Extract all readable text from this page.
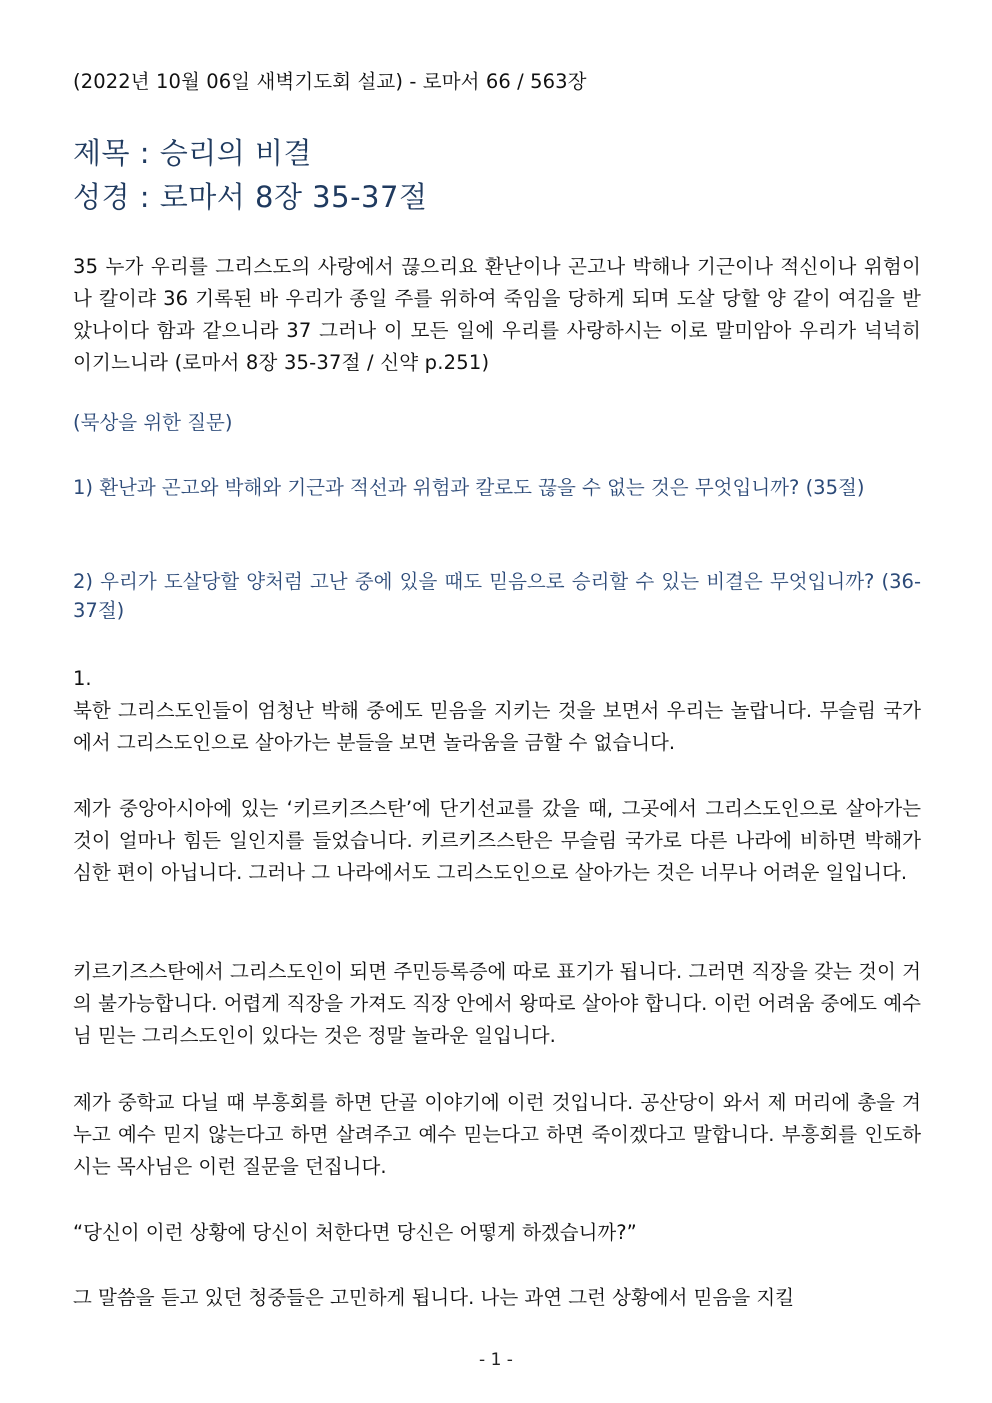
(2022년 10월 06일 새벽기도회 설교) - 로마서 66 / 563장
제목 : 승리의 비결
성경 : 로마서 8장 35-37절
35 누가 우리를 그리스도의 사랑에서 끊으리요 환난이나 곤고나 박해나 기근이나 적신이나 위험이나 칼이랴 36 기록된 바 우리가 종일 주를 위하여 죽임을 당하게 되며 도살 당할 양 같이 여김을 받았나이다 함과 같으니라 37 그러나 이 모든 일에 우리를 사랑하시는 이로 말미암아 우리가 넉넉히 이기느니라 (로마서 8장 35-37절 / 신약 p.251)
(묵상을 위한 질문)
1) 환난과 곤고와 박해와 기근과 적선과 위험과 칼로도 끊을 수 없는 것은 무엇입니까? (35절)
2) 우리가 도살당할 양처럼 고난 중에 있을 때도 믿음으로 승리할 수 있는 비결은 무엇입니까? (36-37절)
1.
북한 그리스도인들이 엄청난 박해 중에도 믿음을 지키는 것을 보면서 우리는 놀랍니다. 무슬림 국가에서 그리스도인으로 살아가는 분들을 보면 놀라움을 금할 수 없습니다.
제가 중앙아시아에 있는 ‘키르키즈스탄’에 단기선교를 갔을 때, 그곳에서 그리스도인으로 살아가는 것이 얼마나 힘든 일인지를 들었습니다. 키르키즈스탄은 무슬림 국가로 다른 나라에 비하면 박해가 심한 편이 아닙니다. 그러나 그 나라에서도 그리스도인으로 살아가는 것은 너무나 어려운 일입니다.
키르기즈스탄에서 그리스도인이 되면 주민등록증에 따로 표기가 됩니다. 그러면 직장을 갖는 것이 거의 불가능합니다. 어렵게 직장을 가져도 직장 안에서 왕따로 살아야 합니다. 이런 어려움 중에도 예수님 믿는 그리스도인이 있다는 것은 정말 놀라운 일입니다.
제가 중학교 다닐 때 부흥회를 하면 단골 이야기에 이런 것입니다. 공산당이 와서 제 머리에 총을 겨누고 예수 믿지 않는다고 하면 살려주고 예수 믿는다고 하면 죽이겠다고 말합니다. 부흥회를 인도하시는 목사님은 이런 질문을 던집니다.
“당신이 이런 상황에 당신이 처한다면 당신은 어떻게 하겠습니까?”
그 말씀을 듣고 있던 청중들은 고민하게 됩니다. 나는 과연 그런 상황에서 믿음을 지킬
- 1 -
